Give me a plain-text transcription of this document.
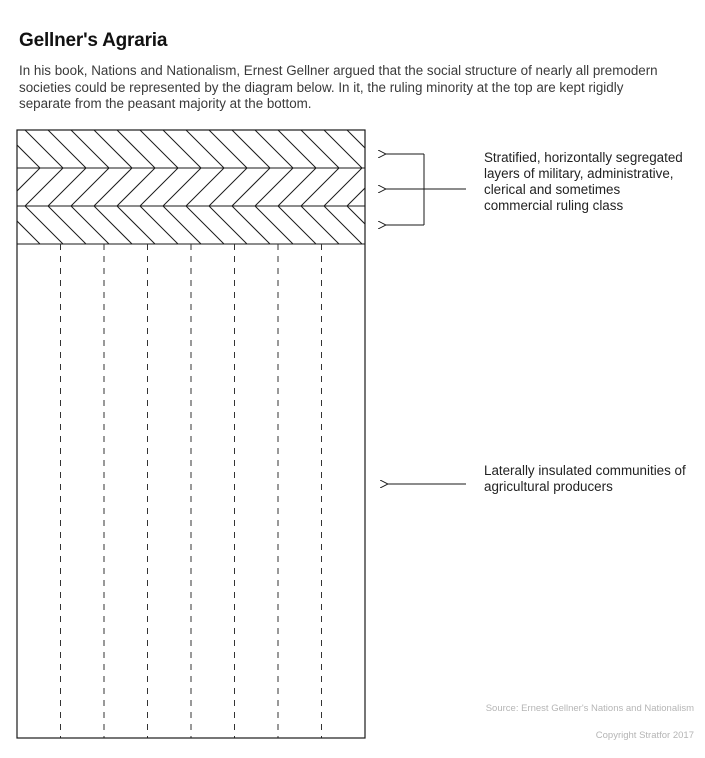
Gellner's Agraria

In his book, Nations and Nationalism, Ernest Gellner argued that the social structure of nearly all premodern societies could be represented by the diagram below. In it, the ruling minority at the top are kept rigidly separate from the peasant majority at the bottom.

Stratified, horizontally segregated layers of military, administrative, clerical and sometimes commercial ruling class

Laterally insulated communities of agricultural producers

Source: Ernest Gellner's Nations and Nationalism

Copyright Stratfor 2017
